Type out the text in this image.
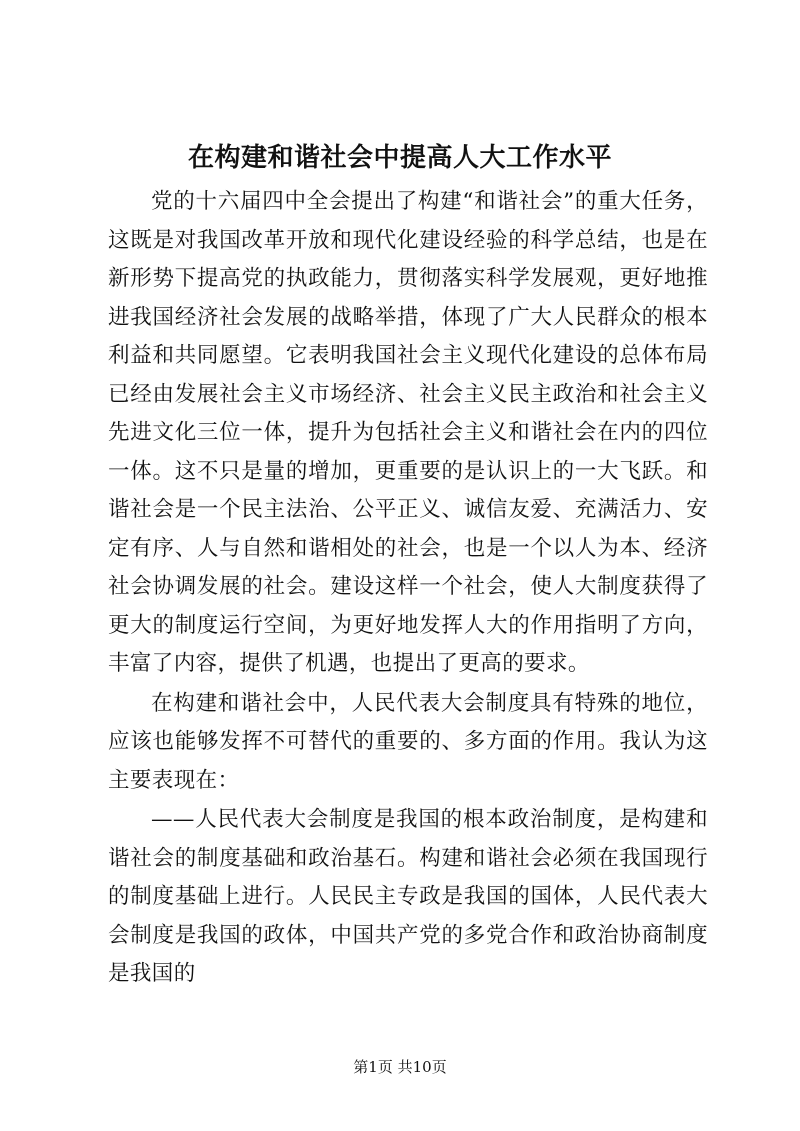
在构建和谐社会中提高人大工作水平

党的十六届四中全会提出了构建“和谐社会”的重大任务，这既是对我国改革开放和现代化建设经验的科学总结，也是在新形势下提高党的执政能力，贯彻落实科学发展观，更好地推进我国经济社会发展的战略举措，体现了广大人民群众的根本利益和共同愿望。它表明我国社会主义现代化建设的总体布局已经由发展社会主义市场经济、社会主义民主政治和社会主义先进文化三位一体，提升为包括社会主义和谐社会在内的四位一体。这不只是量的增加，更重要的是认识上的一大飞跃。和谐社会是一个民主法治、公平正义、诚信友爱、充满活力、安定有序、人与自然和谐相处的社会，也是一个以人为本、经济社会协调发展的社会。建设这样一个社会，使人大制度获得了更大的制度运行空间，为更好地发挥人大的作用指明了方向，丰富了内容，提供了机遇，也提出了更高的要求。

在构建和谐社会中，人民代表大会制度具有特殊的地位，应该也能够发挥不可替代的重要的、多方面的作用。我认为这主要表现在：

——人民代表大会制度是我国的根本政治制度，是构建和谐社会的制度基础和政治基石。构建和谐社会必须在我国现行的制度基础上进行。人民民主专政是我国的国体，人民代表大会制度是我国的政体，中国共产党的多党合作和政治协商制度是我国的

第1页 共10页
